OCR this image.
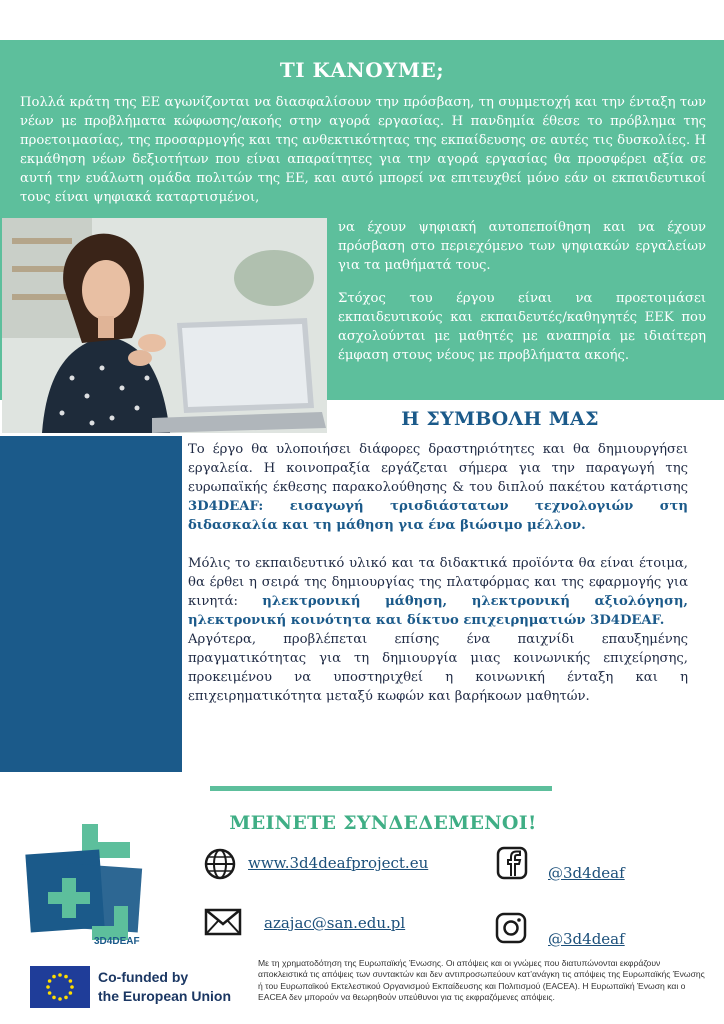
ΤΙ ΚΑΝΟΥΜΕ;

Πολλά κράτη της ΕΕ αγωνίζονται να διασφαλίσουν την πρόσβαση, τη συμμετοχή και την ένταξη των νέων με προβλήματα κώφωσης/ακοής στην αγορά εργασίας. Η πανδημία έθεσε το πρόβλημα της προετοιμασίας, της προσαρμογής και της ανθεκτικότητας της εκπαίδευσης σε αυτές τις δυσκολίες. Η εκμάθηση νέων δεξιοτήτων που είναι απαραίτητες για την αγορά εργασίας θα προσφέρει αξία σε αυτή την ευάλωτη ομάδα πολιτών της ΕΕ, και αυτό μπορεί να επιτευχθεί μόνο εάν οι εκπαιδευτικοί τους είναι ψηφιακά καταρτισμένοι,

να έχουν ψηφιακή αυτοπεποίθηση και να έχουν πρόσβαση στο περιεχόμενο των ψηφιακών εργαλείων για τα μαθήματά τους.

Στόχος του έργου είναι να προετοιμάσει εκπαιδευτικούς και εκπαιδευτές/καθηγητές ΕΕΚ που ασχολούνται με μαθητές με αναπηρία με ιδιαίτερη έμφαση στους νέους με προβλήματα ακοής.

Η ΣΥΜΒΟΛΗ ΜΑΣ

Το έργο θα υλοποιήσει διάφορες δραστηριότητες και θα δημιουργήσει εργαλεία. Η κοινοπραξία εργάζεται σήμερα για την παραγωγή της ευρωπαϊκής έκθεσης παρακολούθησης & του διπλού πακέτου κατάρτισης 3D4DEAF: εισαγωγή τρισδιάστατων τεχνολογιών στη διδασκαλία και τη μάθηση για ένα βιώσιμο μέλλον.

Μόλις το εκπαιδευτικό υλικό και τα διδακτικά προϊόντα θα είναι έτοιμα, θα έρθει η σειρά της δημιουργίας της πλατφόρμας και της εφαρμογής για κινητά: ηλεκτρονική μάθηση, ηλεκτρονική αξιολόγηση, ηλεκτρονική κοινότητα και δίκτυο επιχειρηματιών 3D4DEAF.

Αργότερα, προβλέπεται επίσης ένα παιχνίδι επαυξημένης πραγματικότητας για τη δημιουργία μιας κοινωνικής επιχείρησης, προκειμένου να υποστηριχθεί η κοινωνική ένταξη και η επιχειρηματικότητα μεταξύ κωφών και βαρήκοων μαθητών.

ΜΕΙΝΕΤΕ ΣΥΝΔΕΔΕΜΕΝΟΙ!
3D4DEAF
www.3d4deafproject.eu
@3d4deaf
azajac@san.edu.pl
@3d4deaf
Co-funded by
the European Union

Με τη χρηματοδότηση της Ευρωπαϊκής Ένωσης. Οι απόψεις και οι γνώμες που διατυπώνονται εκφράζουν αποκλειστικά τις απόψεις των συντακτών και δεν αντιπροσωπεύουν κατ’ανάγκη τις απόψεις της Ευρωπαϊκής Ένωσης ή του Ευρωπαϊκού Εκτελεστικού Οργανισμού Εκπαίδευσης και Πολιτισμού (EACEA). Η Ευρωπαϊκή Ένωση και ο EACEA δεν μπορούν να θεωρηθούν υπεύθυνοι για τις εκφραζόμενες απόψεις.
